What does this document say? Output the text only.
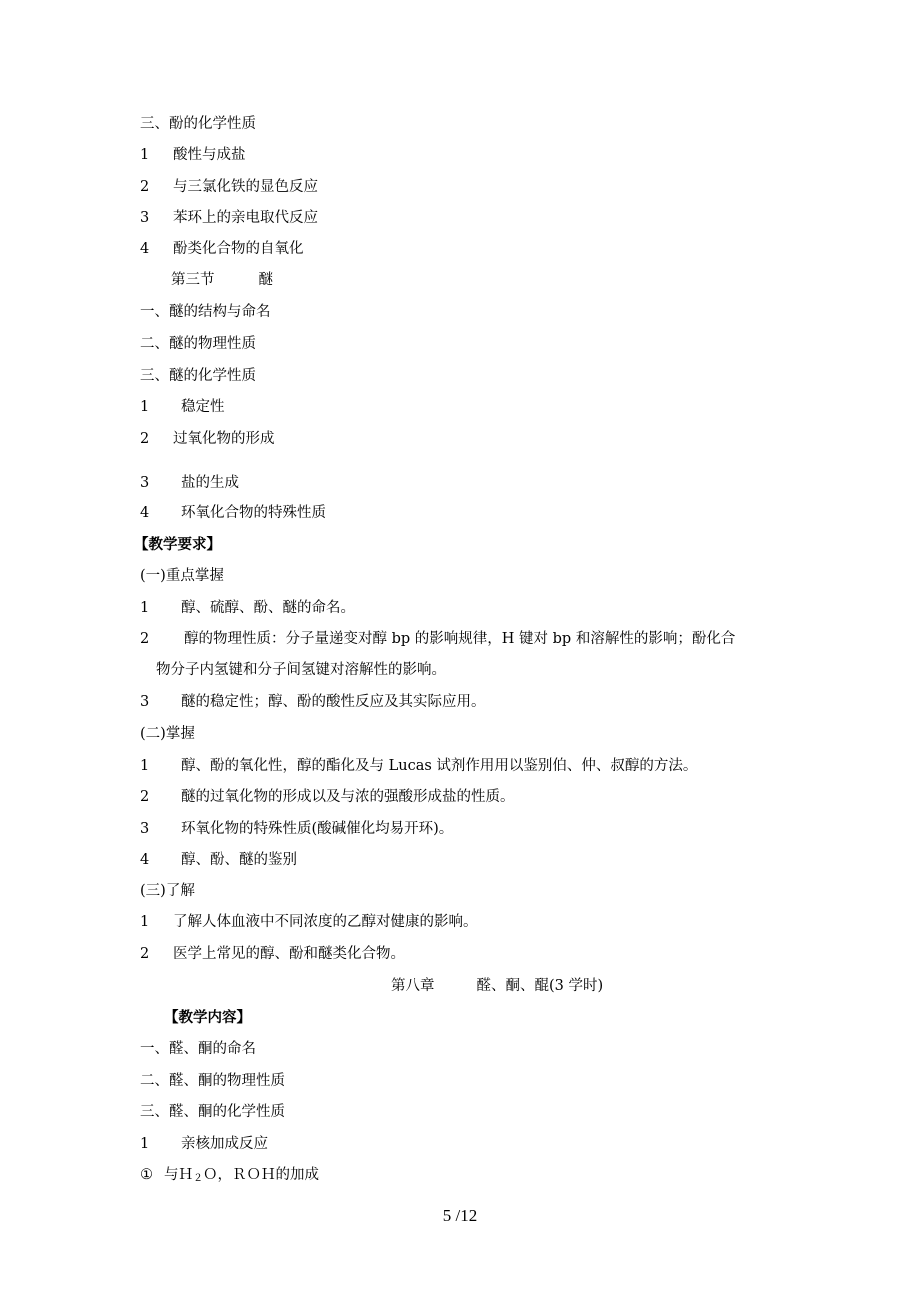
三、酚的化学性质
1 酸性与成盐
2 与三氯化铁的显色反应
3 苯环上的亲电取代反应
4 酚类化合物的自氧化
第三节	醚
一、醚的结构与命名
二、醚的物理性质
三、醚的化学性质
1 稳定性
2 过氧化物的形成
3 盐的生成
4 环氧化合物的特殊性质
【教学要求】
(一)重点掌握
1 醇、硫醇、酚、醚的命名。
2 醇的物理性质：分子量递变对醇 bp 的影响规律，H 键对 bp 和溶解性的影响；酚化合
物分子内氢键和分子间氢键对溶解性的影响。
3 醚的稳定性；醇、酚的酸性反应及其实际应用。
(二)掌握
1 醇、酚的氧化性，醇的酯化及与 Lucas 试剂作用用以鉴别伯、仲、叔醇的方法。
2 醚的过氧化物的形成以及与浓的强酸形成盐的性质。
3 环氧化物的特殊性质(酸碱催化均易开环)。
4 醇、酚、醚的鉴别
(三)了解
1 了解人体血液中不同浓度的乙醇对健康的影响。
2 医学上常见的醇、酚和醚类化合物。
第八章	醛、酮、醌(3 学时)
【教学内容】
一、醛、酮的命名
二、醛、酮的物理性质
三、醛、酮的化学性质
1 亲核加成反应
① 与Ｈ$_2$Ｏ，ＲＯＨ的加成
5 /12
